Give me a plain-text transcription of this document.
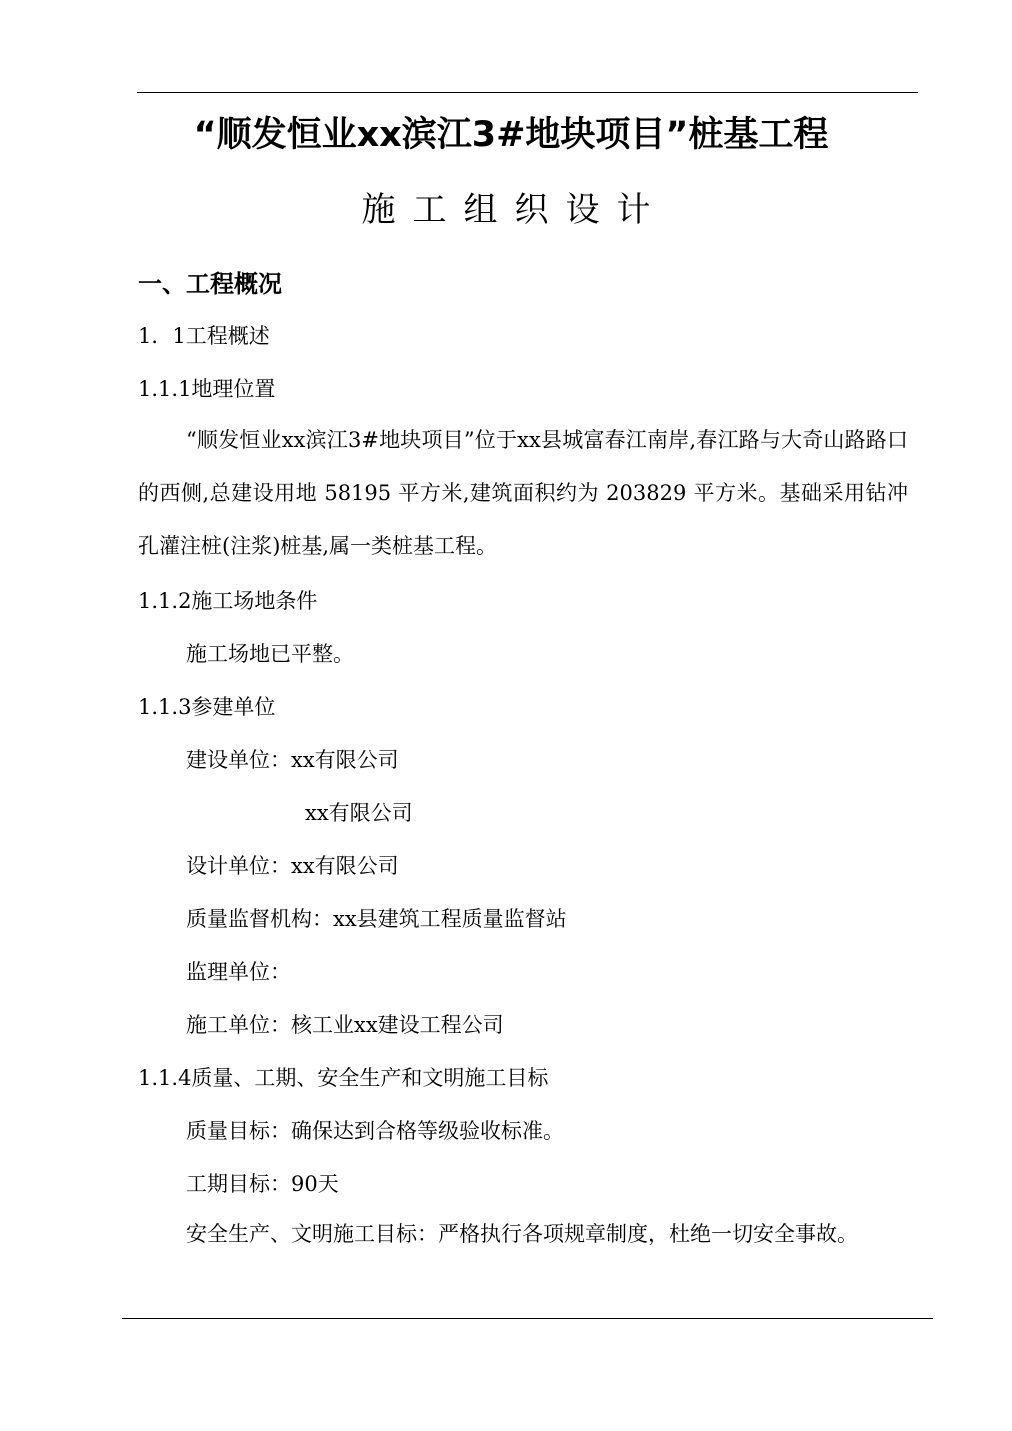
“顺发恒业xx滨江3#地块项目”桩基工程
施工组织设计
一、工程概况
1．1工程概述
1.1.1地理位置
“顺发恒业xx滨江3#地块项目”位于xx县城富春江南岸,春江路与大奇山路路口的西侧,总建设用地 58195 平方米,建筑面积约为 203829 平方米。基础采用钻冲孔灌注桩(注浆)桩基,属一类桩基工程。
1.1.2施工场地条件
施工场地已平整。
1.1.3参建单位
建设单位：xx有限公司
xx有限公司
设计单位：xx有限公司
质量监督机构：xx县建筑工程质量监督站
监理单位：
施工单位：核工业xx建设工程公司
1.1.4质量、工期、安全生产和文明施工目标
质量目标：确保达到合格等级验收标准。
工期目标：90天
安全生产、文明施工目标：严格执行各项规章制度，杜绝一切安全事故。
